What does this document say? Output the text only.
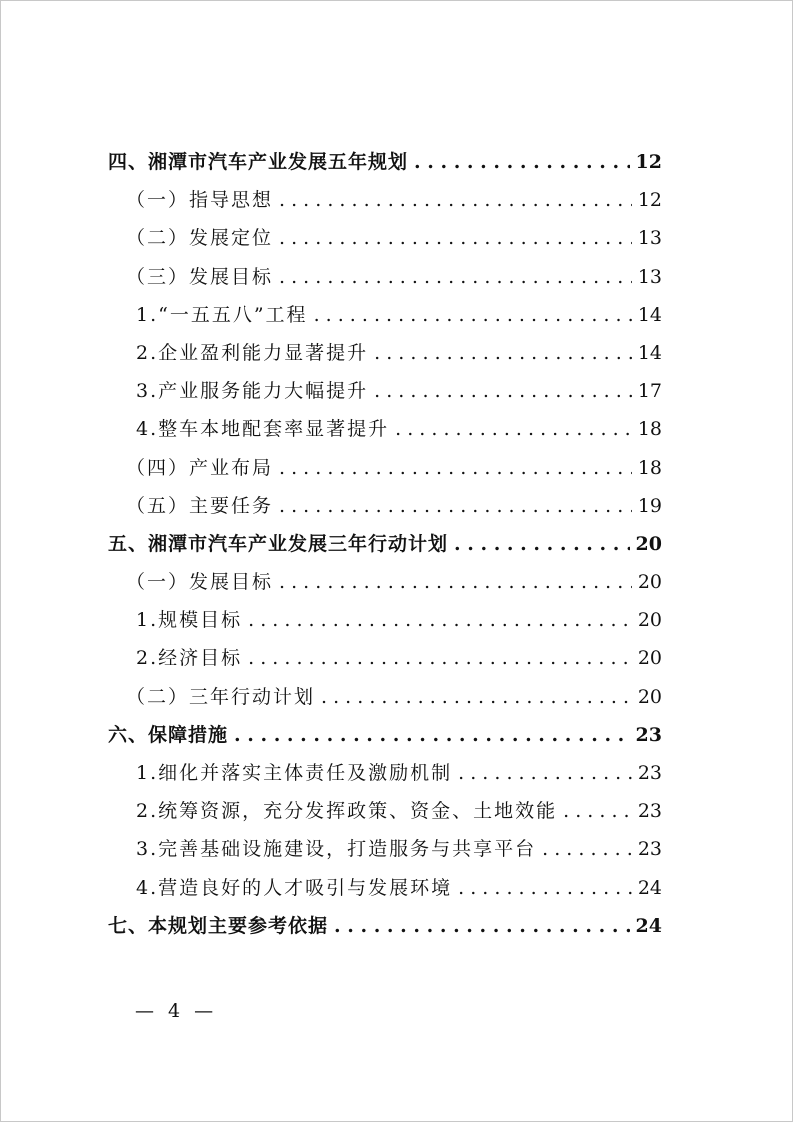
四、湘潭市汽车产业发展五年规划 . . .	12
（一）指导思想 . . .	12
（二）发展定位 . . .	13
（三）发展目标 . . .	13
1.“一五五八”工程 . . .	14
2.企业盈利能力显著提升 . . .	14
3.产业服务能力大幅提升 . . .	17
4.整车本地配套率显著提升 . . .	18
（四）产业布局 . . .	18
（五）主要任务 . . .	19
五、湘潭市汽车产业发展三年行动计划 . . .	20
（一）发展目标 . . .	20
1.规模目标 . . .	20
2.经济目标 . . .	20
（二）三年行动计划 . . .	20
六、保障措施 . . .	23
1.细化并落实主体责任及激励机制 . . .	23
2.统筹资源，充分发挥政策、资金、土地效能 . . .	23
3.完善基础设施建设，打造服务与共享平台 . . .	23
4.营造良好的人才吸引与发展环境 . . .	24
七、本规划主要参考依据 . . .	24
— 4 —
